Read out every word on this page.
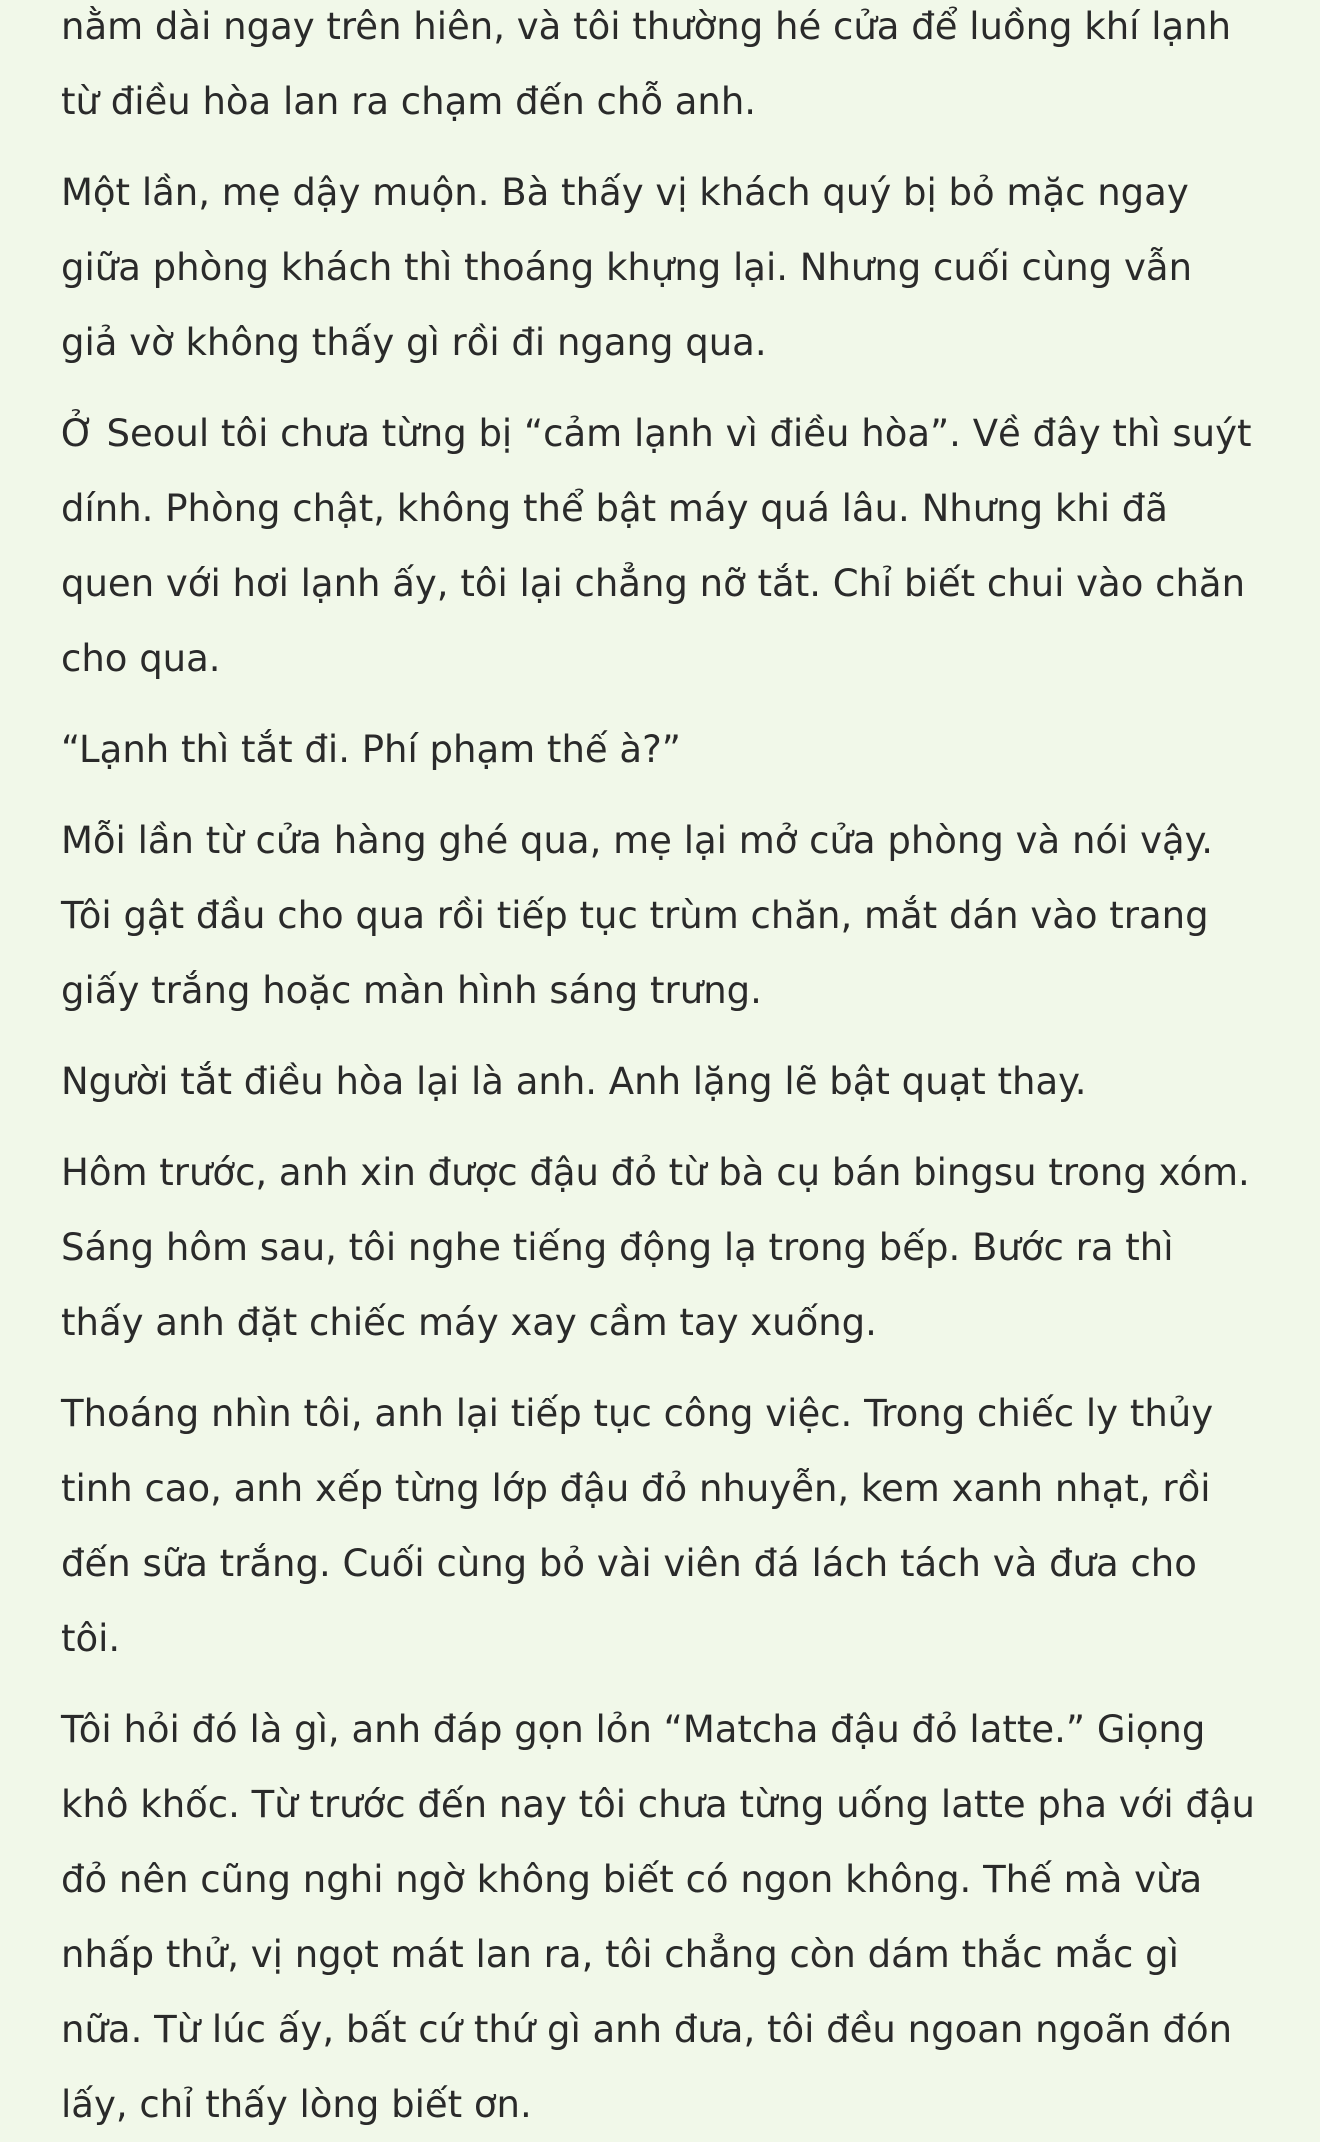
nằm dài ngay trên hiên, và tôi thường hé cửa để luồng khí lạnh từ điều hòa lan ra chạm đến chỗ anh.

Một lần, mẹ dậy muộn. Bà thấy vị khách quý bị bỏ mặc ngay giữa phòng khách thì thoáng khựng lại. Nhưng cuối cùng vẫn giả vờ không thấy gì rồi đi ngang qua.

Ở Seoul tôi chưa từng bị “cảm lạnh vì điều hòa”. Về đây thì suýt dính. Phòng chật, không thể bật máy quá lâu. Nhưng khi đã quen với hơi lạnh ấy, tôi lại chẳng nỡ tắt. Chỉ biết chui vào chăn cho qua.

“Lạnh thì tắt đi. Phí phạm thế à?”

Mỗi lần từ cửa hàng ghé qua, mẹ lại mở cửa phòng và nói vậy. Tôi gật đầu cho qua rồi tiếp tục trùm chăn, mắt dán vào trang giấy trắng hoặc màn hình sáng trưng.

Người tắt điều hòa lại là anh. Anh lặng lẽ bật quạt thay.

Hôm trước, anh xin được đậu đỏ từ bà cụ bán bingsu trong xóm. Sáng hôm sau, tôi nghe tiếng động lạ trong bếp. Bước ra thì thấy anh đặt chiếc máy xay cầm tay xuống.

Thoáng nhìn tôi, anh lại tiếp tục công việc. Trong chiếc ly thủy tinh cao, anh xếp từng lớp đậu đỏ nhuyễn, kem xanh nhạt, rồi đến sữa trắng. Cuối cùng bỏ vài viên đá lách tách và đưa cho tôi.

Tôi hỏi đó là gì, anh đáp gọn lỏn “Matcha đậu đỏ latte.” Giọng khô khốc. Từ trước đến nay tôi chưa từng uống latte pha với đậu đỏ nên cũng nghi ngờ không biết có ngon không. Thế mà vừa nhấp thử, vị ngọt mát lan ra, tôi chẳng còn dám thắc mắc gì nữa. Từ lúc ấy, bất cứ thứ gì anh đưa, tôi đều ngoan ngoãn đón lấy, chỉ thấy lòng biết ơn.
